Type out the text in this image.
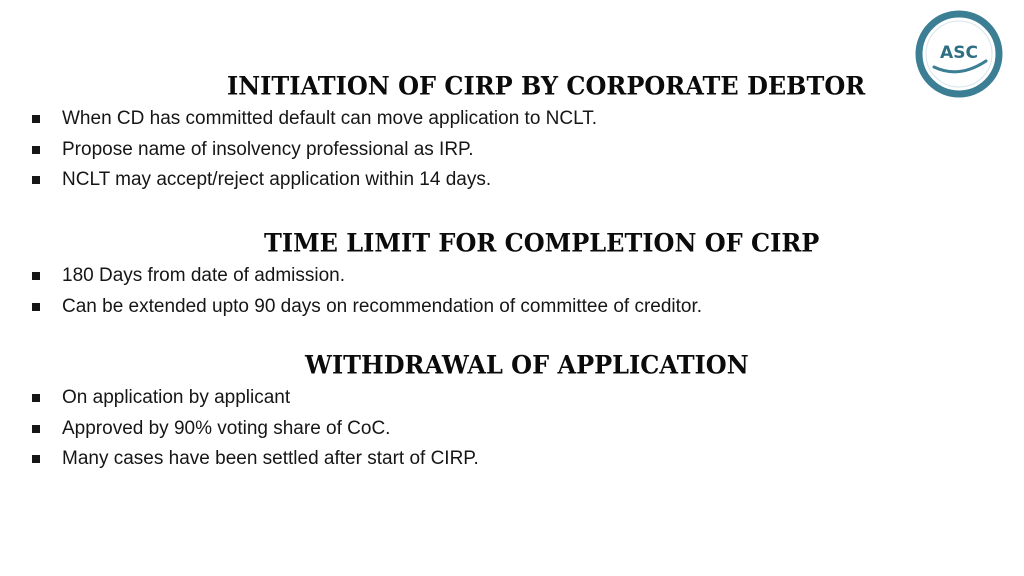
ASC
INITIATION OF CIRP BY CORPORATE DEBTOR
When CD has committed default can move application to NCLT.
Propose name of insolvency professional as IRP.
NCLT may accept/reject application within 14 days.
TIME LIMIT FOR COMPLETION OF CIRP
180 Days from date of admission.
Can be extended upto 90 days on recommendation of committee of creditor.
WITHDRAWAL OF APPLICATION
On application by applicant
Approved by 90% voting share of CoC.
Many cases have been settled after start of CIRP.
